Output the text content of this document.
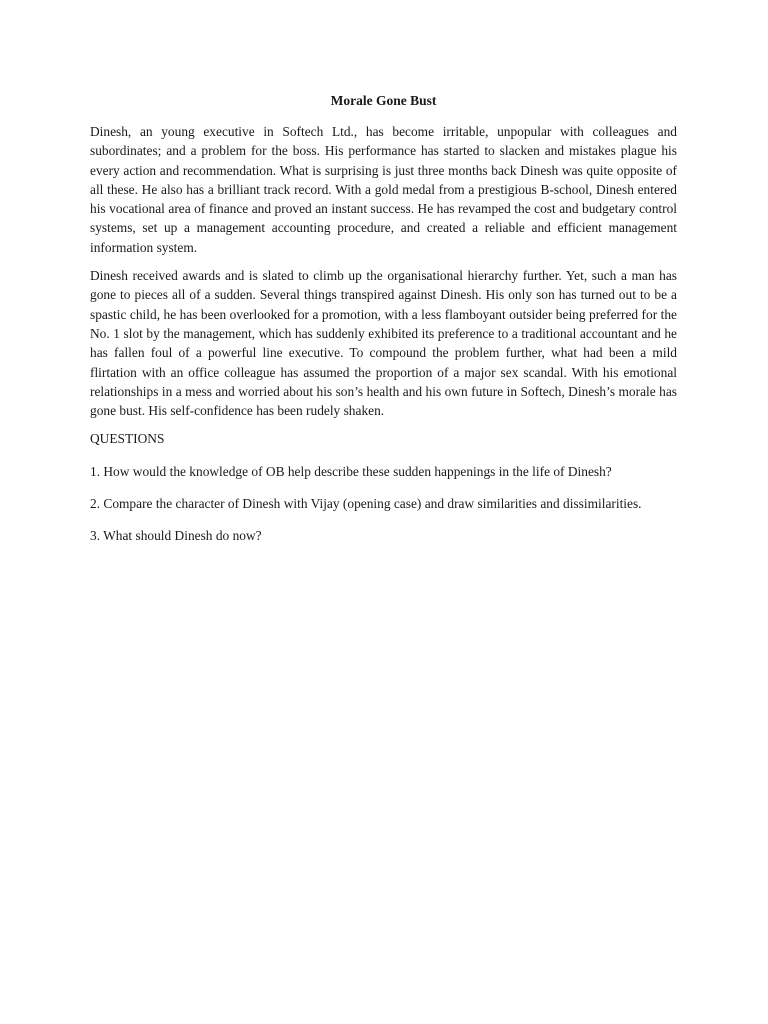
Morale Gone Bust

Dinesh, an young executive in Softech Ltd., has become irritable, unpopular with colleagues and subordinates; and a problem for the boss. His performance has started to slacken and mistakes plague his every action and recommendation. What is surprising is just three months back Dinesh was quite opposite of all these. He also has a brilliant track record. With a gold medal from a prestigious B-school, Dinesh entered his vocational area of finance and proved an instant success. He has revamped the cost and budgetary control systems, set up a management accounting procedure, and created a reliable and efficient management information system.

Dinesh received awards and is slated to climb up the organisational hierarchy further. Yet, such a man has gone to pieces all of a sudden. Several things transpired against Dinesh. His only son has turned out to be a spastic child, he has been overlooked for a promotion, with a less flamboyant outsider being preferred for the No. 1 slot by the management, which has suddenly exhibited its preference to a traditional accountant and he has fallen foul of a powerful line executive. To compound the problem further, what had been a mild flirtation with an office colleague has assumed the proportion of a major sex scandal. With his emotional relationships in a mess and worried about his son’s health and his own future in Softech, Dinesh’s morale has gone bust. His self-confidence has been rudely shaken.

QUESTIONS

1. How would the knowledge of OB help describe these sudden happenings in the life of Dinesh?

2. Compare the character of Dinesh with Vijay (opening case) and draw similarities and dissimilarities.

3. What should Dinesh do now?
